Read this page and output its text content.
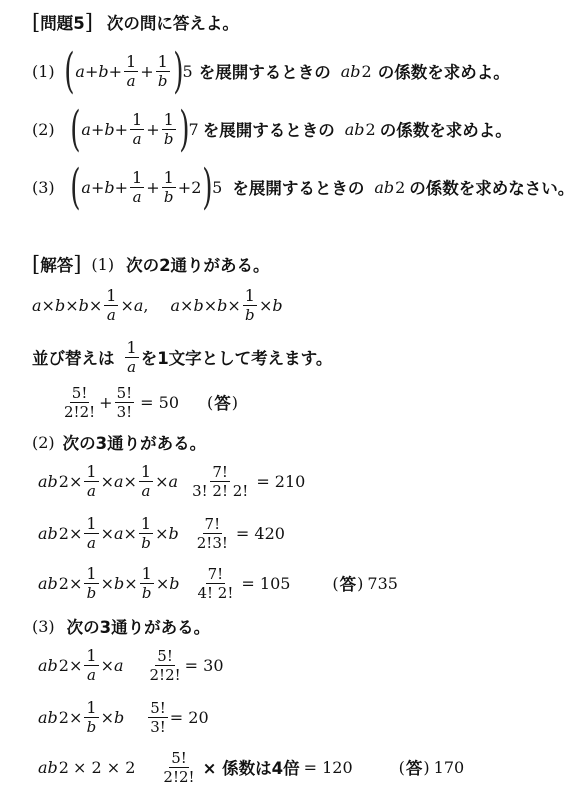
[ 問題5 ] 次の問に答えよ。
(1) ( $a + b + \frac{1}{a} + \frac{1}{b}$ ) 5 を展開するときの ab 2 の係数を求めよ。
(2) ( $a + b + \frac{1}{a} + \frac{1}{b}$ ) 7 を展開するときの ab 2 の係数を求めよ。
(3) ( $a + b + \frac{1}{a} + \frac{1}{b} +2$ ) 5 を展開するときの ab 2 の係数を求めなさい。
[ 解答 ] (1) 次の2通りがある。
$a \times b \times b \times \frac{1}{a} \times a$ , $a \times b \times b \times \frac{1}{b} \times b$
並び替えは $\frac{1}{a}$ を1文字として考えます。
$\frac{5!}{2!2!} + \frac{5!}{3!} = 50$ ( 答 )
(2) 次の3通りがある。
ab $2 \times \frac{1}{a} \times a \times \frac{1}{a} \times a \frac{7!}{3! 2! 2!} = 210$
ab $2 \times \frac{1}{a} \times a \times \frac{1}{b} \times b \frac{7!}{2!3!} = 420$
ab $2 \times \frac{1}{b} \times b \times \frac{1}{b} \times b \frac{7!}{4! 2!} = 105$	( 答 ) 735
(3) 次の3通りがある。
ab $2 \times \frac{1}{a} \times a \frac{5!}{2!2!} = 30$
ab $2 \times \frac{1}{b} \times b \frac{5!}{3!} = 20$
ab $2 \times 2 \times 2 \frac{5!}{2!2!}$ × 係数は4倍 = 120	( 答 ) 170
